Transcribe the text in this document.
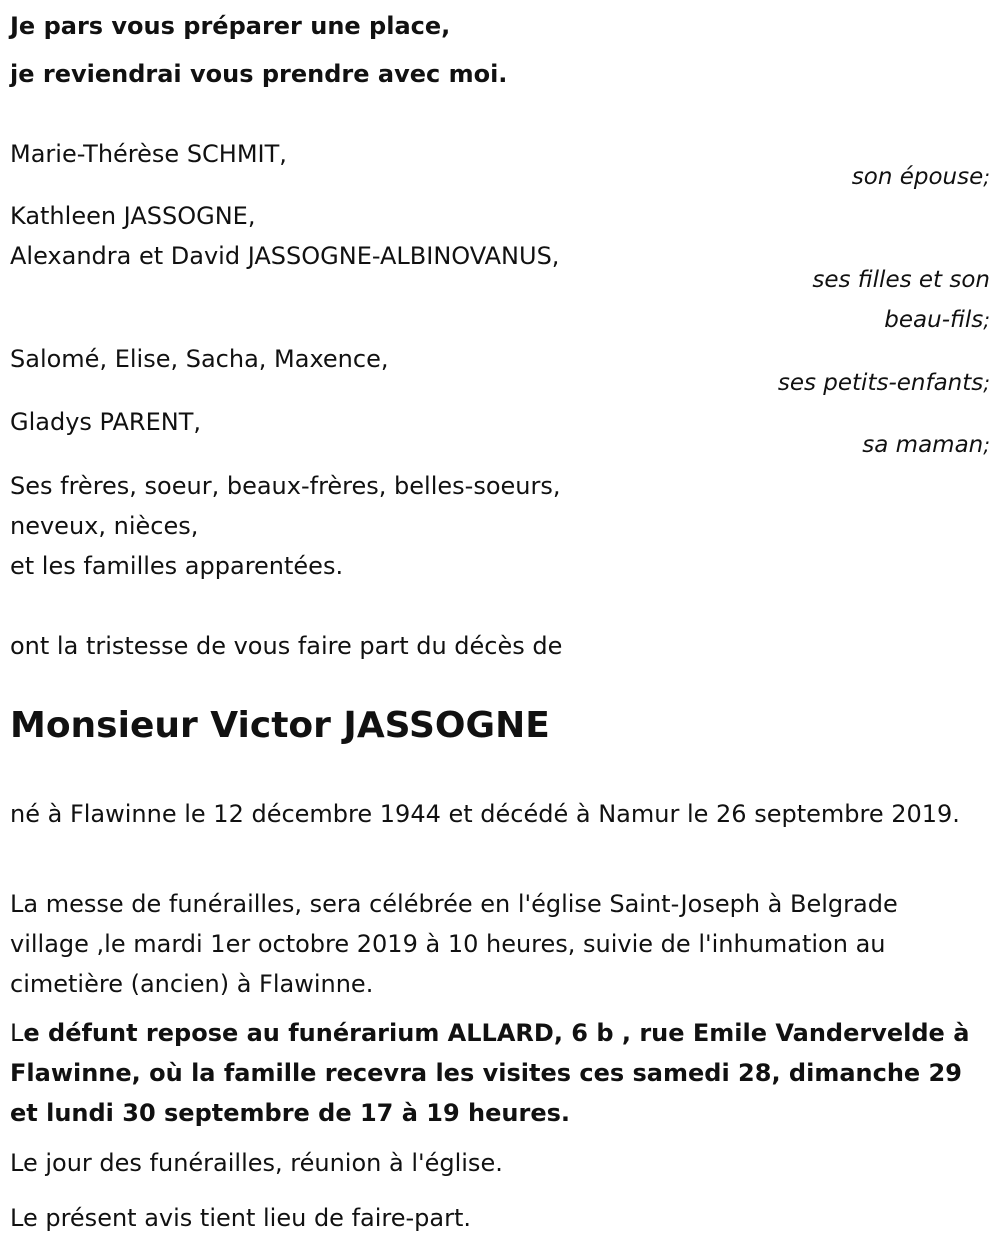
Je pars vous préparer une place,
je reviendrai vous prendre avec moi.
Marie-Thérèse SCHMIT,
son épouse;
Kathleen JASSOGNE,
Alexandra et David JASSOGNE-ALBINOVANUS,
ses filles et son
beau-fils;
Salomé, Elise, Sacha, Maxence,
ses petits-enfants;
Gladys PARENT,
sa maman;
Ses frères, soeur, beaux-frères, belles-soeurs,
neveux, nièces,
et les familles apparentées.
ont la tristesse de vous faire part du décès de
Monsieur Victor JASSOGNE
né à Flawinne le 12 décembre 1944 et décédé à Namur le 26 septembre 2019.
La messe de funérailles, sera célébrée en l'église Saint-Joseph à Belgrade village ,le mardi 1er octobre 2019 à 10 heures, suivie de l'inhumation au cimetière (ancien) à Flawinne.
Le défunt repose au funérarium ALLARD, 6 b , rue Emile Vandervelde à Flawinne, où la famille recevra les visites ces samedi 28, dimanche 29 et lundi 30 septembre de 17 à 19 heures.
Le jour des funérailles, réunion à l'église.
Le présent avis tient lieu de faire-part.
